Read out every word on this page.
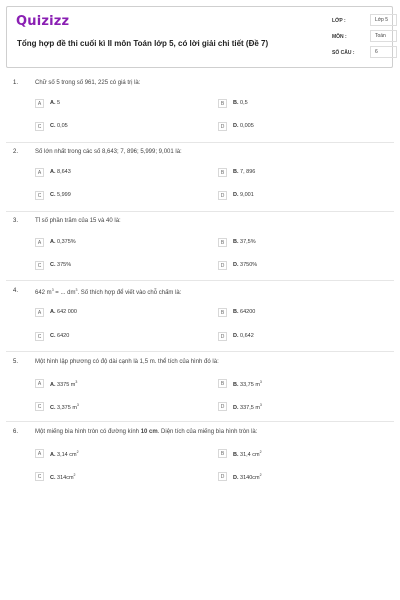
Quizizz
Tổng hợp đề thi cuối kì II môn Toán lớp 5, có lời giải chi tiết (Đề 7)
LỚP :	Lớp 5
MÔN :	Toán
SỐ CÂU :	6
1.	Chữ số 5 trong số 961, 225 có giá trị là:
A	A. 5	B	B. 0,5
C	C. 0,05	D	D. 0,005
2.	Số lớn nhất trong các số 8,643; 7, 896; 5,999; 9,001 là:
A	A. 8,643	B	B. 7, 896
C	C. 5,999	D	D. 9,001
3.	Tỉ số phần trăm của 15 và 40 là:
A	A. 0,375%	B	B. 37,5%
C	C. 375%	D	D. 3750%
4.	642 $m^3$ = ... $dm^3$. Số thích hợp để viết vào chỗ chấm là:
A	A. 642 000	B	B. 64200
C	C. 6420	D	D. 0,642
5.	Một hình lập phương có độ dài cạnh là 1,5 m. thể tích của hình đó là:
A	A. 3375 $m^3$	B	B. 33,75 $m^3$
C	C. 3,375 $m^3$	D	D. 337,5 $m^3$
6.	Một miếng bìa hình tròn có đường kính 10 cm. Diện tích của miếng bìa hình tròn là:
A	A. 3,14 $cm^2$	B	B. 31,4 $cm^2$
C	C. $314cm^2$	D	D. $3140cm^2$
